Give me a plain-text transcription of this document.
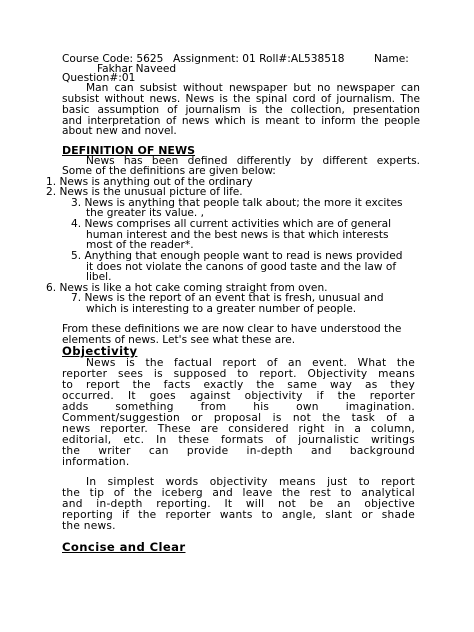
Course Code: 5625 Assignment: 01 Roll#:AL538518	Name:

Fakhar Naveed

Question#:01

Man can subsist without newspaper but no newspaper can

subsist without news. News is the spinal cord of journalism. The

basic assumption of journalism is the collection, presentation

and interpretation of news which is meant to inform the people

about new and novel.

DEFINITION OF NEWS

News has been defined differently by different experts.

Some of the definitions are given below:

1. News is anything out of the ordinary

2. News is the unusual picture of life.

3. News is anything that people talk about; the more it excites

the greater its value. ,

4. News comprises all current activities which are of general

human interest and the best news is that which interests

most of the reader*.

5. Anything that enough people want to read is news provided

it does not violate the canons of good taste and the law of

libel.

6. News is like a hot cake coming straight from oven.

7. News is the report of an event that is fresh, unusual and

which is interesting to a greater number of people.

From these definitions we are now clear to have understood the

elements of news. Let's see what these are.

Objectivity

News is the factual report of an event. What the

reporter sees is supposed to report. Objectivity means

to report the facts exactly the same way as they

occurred. It goes against objectivity if the reporter

adds something from his own imagination.

Comment/suggestion or proposal is not the task of a

news reporter. These are considered right in a column,

editorial, etc. In these formats of journalistic writings

the writer can provide in-depth and background

information.

In simplest words objectivity means just to report

the tip of the iceberg and leave the rest to analytical

and in-depth reporting. It will not be an objective

reporting if the reporter wants to angle, slant or shade

the news.

Concise and Clear
